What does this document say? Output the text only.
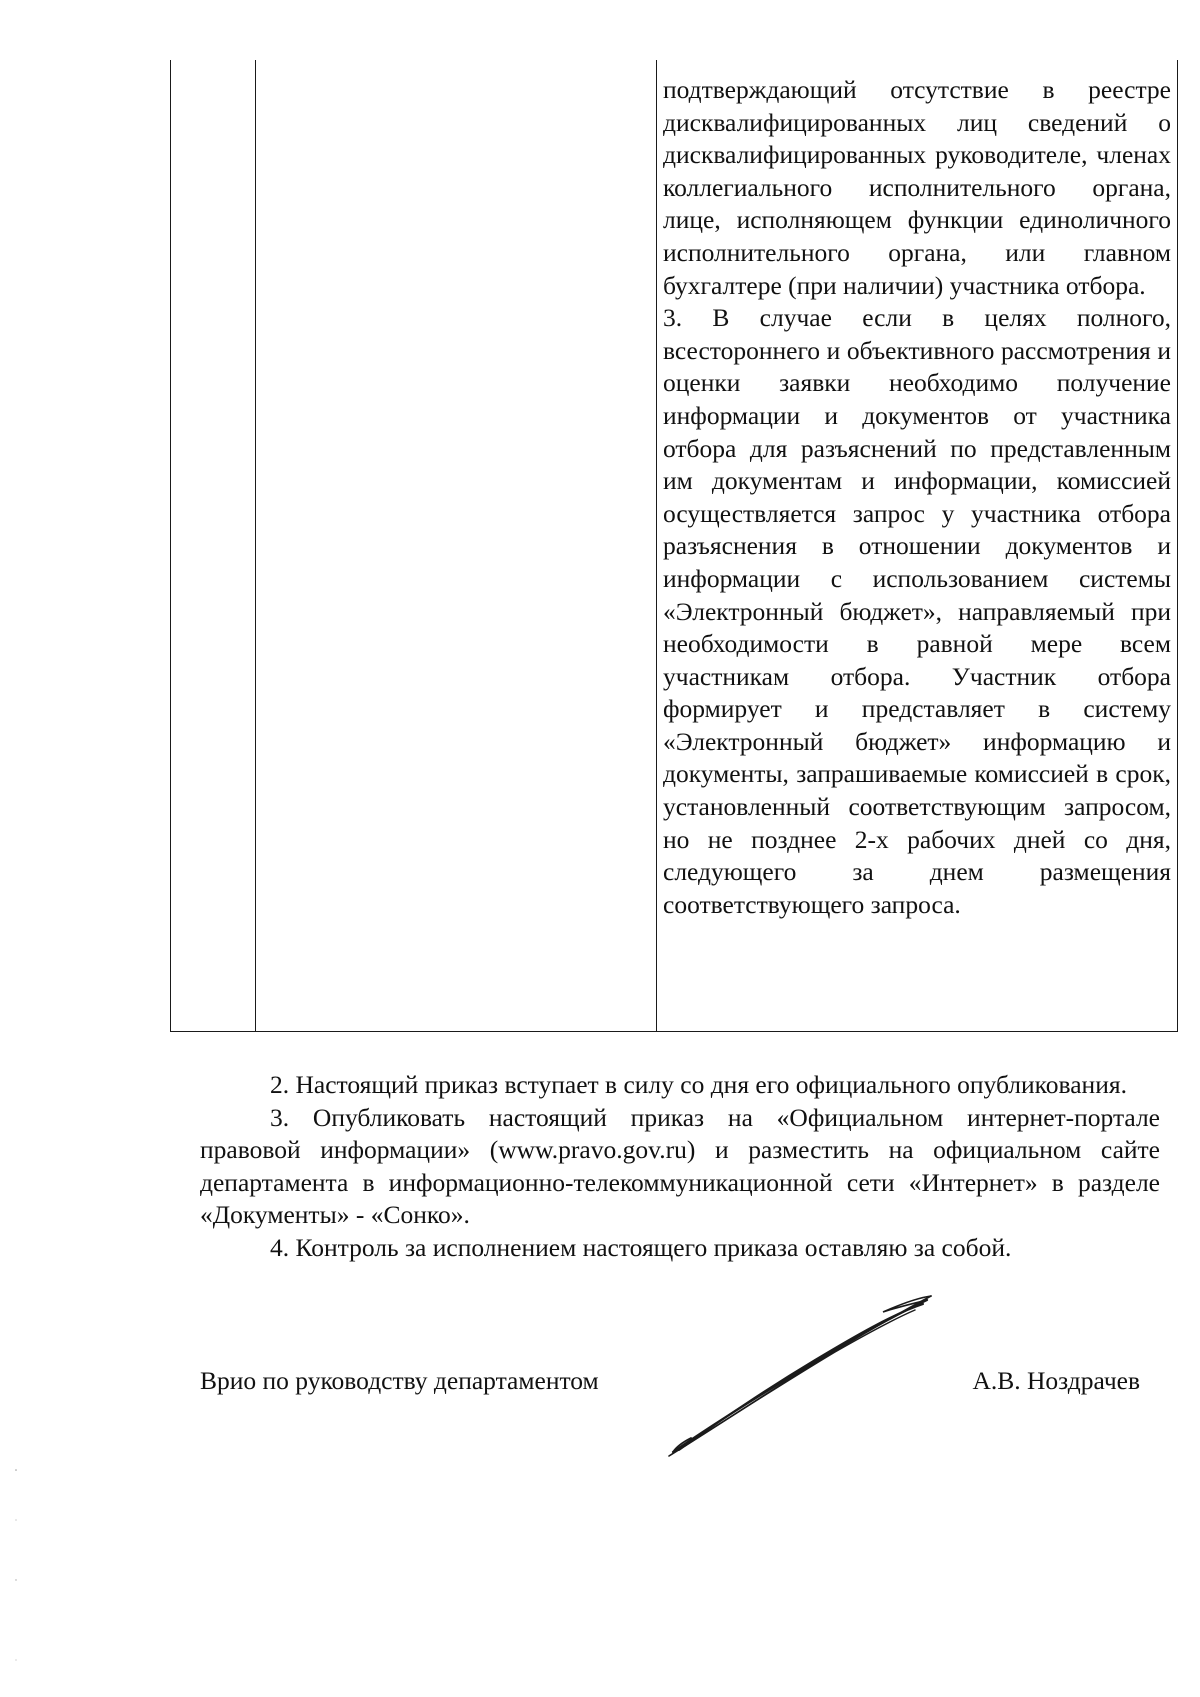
подтверждающий отсутствие в реестре дисквалифицированных лиц сведений о дисквалифицированных руководителе, членах коллегиального исполнительного органа, лице, исполняющем функции единоличного исполнительного органа, или главном бухгалтере (при наличии) участника отбора.

3. В случае если в целях полного, всестороннего и объективного рассмотрения и оценки заявки необходимо получение информации и документов от участника отбора для разъяснений по представленным им документам и информации, комиссией осуществляется запрос у участника отбора разъяснения в отношении документов и информации с использованием системы «Электронный бюджет», направляемый при необходимости в равной мере всем участникам отбора. Участник отбора формирует и представляет в систему «Электронный бюджет» информацию и документы, запрашиваемые комиссией в срок, установленный соответствующим запросом, но не позднее 2-х рабочих дней со дня, следующего за днем размещения соответствующего запроса.

2. Настоящий приказ вступает в силу со дня его официального опубликования.

3. Опубликовать настоящий приказ на «Официальном интернет-портале правовой информации» (www.pravo.gov.ru) и разместить на официальном сайте департамента в информационно-телекоммуникационной сети «Интернет» в разделе «Документы» - «Сонко».

4. Контроль за исполнением настоящего приказа оставляю за собой.

Врио по руководству департаментом	А.В. Ноздрачев
